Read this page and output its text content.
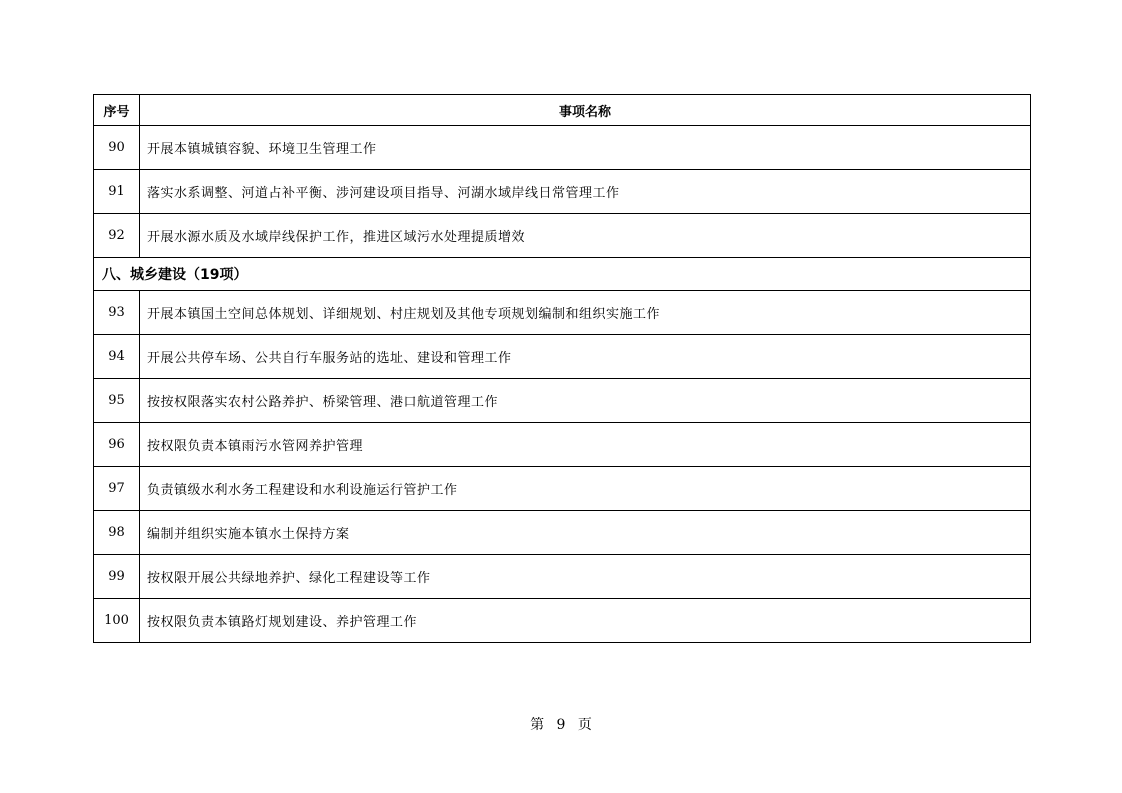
序号	事项名称
90	开展本镇城镇容貌、环境卫生管理工作
91	落实水系调整、河道占补平衡、涉河建设项目指导、河湖水域岸线日常管理工作
92	开展水源水质及水域岸线保护工作，推进区域污水处理提质增效
八、城乡建设（19项）	
93	开展本镇国土空间总体规划、详细规划、村庄规划及其他专项规划编制和组织实施工作
94	开展公共停车场、公共自行车服务站的选址、建设和管理工作
95	按按权限落实农村公路养护、桥梁管理、港口航道管理工作
96	按权限负责本镇雨污水管网养护管理
97	负责镇级水利水务工程建设和水利设施运行管护工作
98	编制并组织实施本镇水土保持方案
99	按权限开展公共绿地养护、绿化工程建设等工作
100	按权限负责本镇路灯规划建设、养护管理工作
第 9 页
